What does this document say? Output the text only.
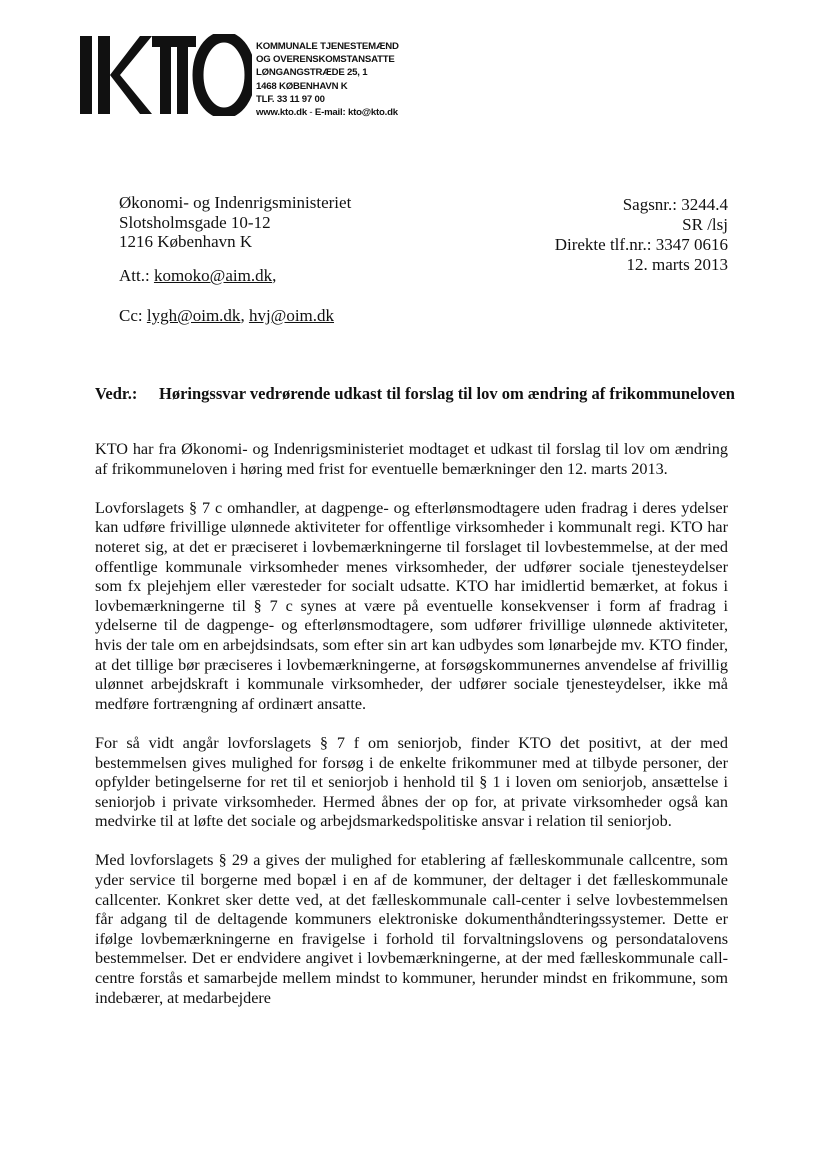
KOMMUNALE TJENESTEMÆND
OG OVERENSKOMSTANSATTE
LØNGANGSTRÆDE 25, 1
1468 KØBENHAVN K
TLF. 33 11 97 00
www.kto.dk - E-mail: kto@kto.dk
Økonomi- og Indenrigsministeriet
Slotsholmsgade 10-12
1216 København K
Sagsnr.: 3244.4
SR /lsj
Direkte tlf.nr.: 3347 0616
12. marts 2013
Att.: komoko@aim.dk,
Cc: lygh@oim.dk, hvj@oim.dk
Vedr.:	Høringssvar vedrørende udkast til forslag til lov om ændring af frikommuneloven

KTO har fra Økonomi- og Indenrigsministeriet modtaget et udkast til forslag til lov om ændring af frikommuneloven i høring med frist for eventuelle bemærkninger den 12. marts 2013.

Lovforslagets § 7 c omhandler, at dagpenge- og efterlønsmodtagere uden fradrag i deres ydelser kan udføre frivillige ulønnede aktiviteter for offentlige virksomheder i kommunalt regi. KTO har noteret sig, at det er præciseret i lovbemærkningerne til forslaget til lovbestemmelse, at der med offentlige kommunale virksomheder menes virksomheder, der udfører sociale tjenesteydelser som fx plejehjem eller væresteder for socialt udsatte. KTO har imidlertid bemærket, at fokus i lovbemærkningerne til § 7 c synes at være på eventuelle konsekvenser i form af fradrag i ydelserne til de dagpenge- og efterlønsmodtagere, som udfører frivillige ulønnede aktiviteter, hvis der tale om en arbejdsindsats, som efter sin art kan udbydes som lønarbejde mv. KTO finder, at det tillige bør præciseres i lovbemærkningerne, at forsøgskommunernes anvendelse af frivillig ulønnet arbejdskraft i kommunale virksomheder, der udfører sociale tjenesteydelser, ikke må medføre fortrængning af ordinært ansatte.

For så vidt angår lovforslagets § 7 f om seniorjob, finder KTO det positivt, at der med bestemmelsen gives mulighed for forsøg i de enkelte frikommuner med at tilbyde personer, der opfylder betingelserne for ret til et seniorjob i henhold til § 1 i loven om seniorjob, ansættelse i seniorjob i private virksomheder. Hermed åbnes der op for, at private virksomheder også kan medvirke til at løfte det sociale og arbejdsmarkedspolitiske ansvar i relation til seniorjob.

Med lovforslagets § 29 a gives der mulighed for etablering af fælleskommunale callcentre, som yder service til borgerne med bopæl i en af de kommuner, der deltager i det fælleskommunale callcenter. Konkret sker dette ved, at det fælleskommunale call-center i selve lovbestemmelsen får adgang til de deltagende kommuners elektroniske dokumenthåndteringssystemer. Dette er ifølge lovbemærkningerne en fravigelse i forhold til forvaltningslovens og persondatalovens bestemmelser. Det er endvidere angivet i lovbemærkningerne, at der med fælleskommunale call-centre forstås et samarbejde mellem mindst to kommuner, herunder mindst en frikommune, som indebærer, at medarbejdere
